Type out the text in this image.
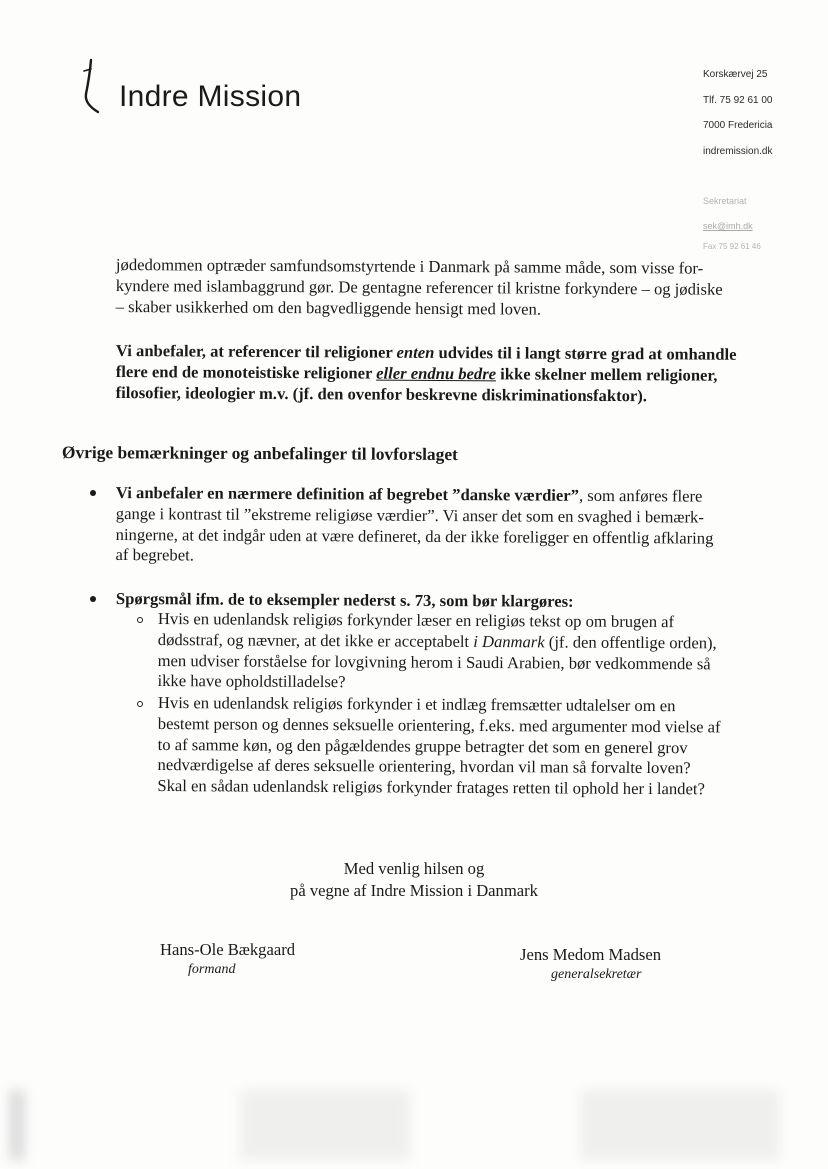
Indre Mission
Korskærvej 25
Tlf. 75 92 61 00
7000 Fredericia
indremission.dk
Sekretariat
sek@imh.dk
Fax 75 92 61 46
jødedommen optræder samfundsomstyrtende i Danmark på samme måde, som visse for-
kyndere med islambaggrund gør. De gentagne referencer til kristne forkyndere – og jødiske
– skaber usikkerhed om den bagvedliggende hensigt med loven.
Vi anbefaler, at referencer til religioner enten udvides til i langt større grad at omhandle
flere end de monoteistiske religioner eller endnu bedre ikke skelner mellem religioner,
filosofier, ideologier m.v. (jf. den ovenfor beskrevne diskriminationsfaktor).
Øvrige bemærkninger og anbefalinger til lovforslaget
Vi anbefaler en nærmere definition af begrebet ”danske værdier”, som anføres flere
gange i kontrast til ”ekstreme religiøse værdier”. Vi anser det som en svaghed i bemærk-
ningerne, at det indgår uden at være defineret, da der ikke foreligger en offentlig afklaring
af begrebet.
Spørgsmål ifm. de to eksempler nederst s. 73, som bør klargøres:
Hvis en udenlandsk religiøs forkynder læser en religiøs tekst op om brugen af
dødsstraf, og nævner, at det ikke er acceptabelt i Danmark (jf. den offentlige orden),
men udviser forståelse for lovgivning herom i Saudi Arabien, bør vedkommende så
ikke have opholdstilladelse?
Hvis en udenlandsk religiøs forkynder i et indlæg fremsætter udtalelser om en
bestemt person og dennes seksuelle orientering, f.eks. med argumenter mod vielse af
to af samme køn, og den pågældendes gruppe betragter det som en generel grov
nedværdigelse af deres seksuelle orientering, hvordan vil man så forvalte loven?
Skal en sådan udenlandsk religiøs forkynder fratages retten til ophold her i landet?
Med venlig hilsen og
på vegne af Indre Mission i Danmark
Hans-Ole Bækgaard
formand
Jens Medom Madsen
generalsekretær
